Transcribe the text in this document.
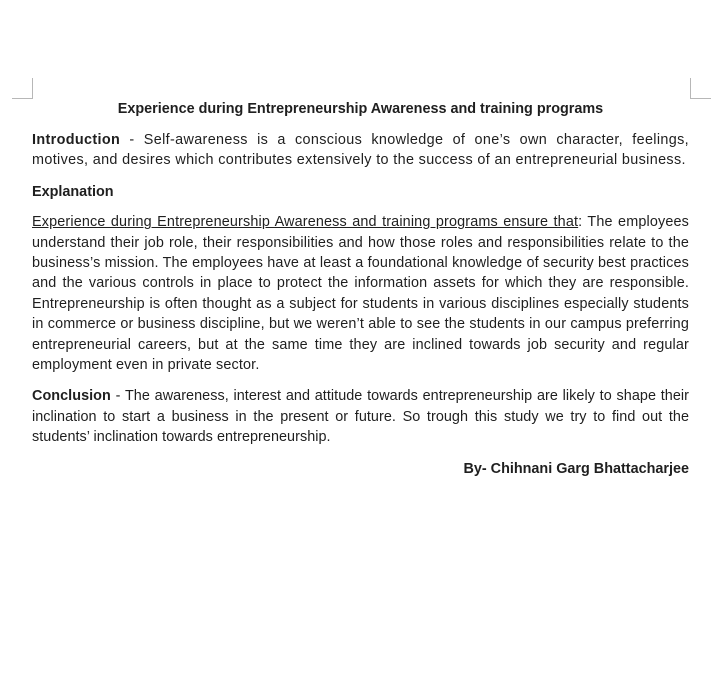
Experience during Entrepreneurship Awareness and training programs

Introduction - Self-awareness is a conscious knowledge of one’s own character, feelings, motives, and desires which contributes extensively to the success of an entrepreneurial business.

Explanation

Experience during Entrepreneurship Awareness and training programs ensure that: The employees understand their job role, their responsibilities and how those roles and responsibilities relate to the business’s mission. The employees have at least a foundational knowledge of security best practices and the various controls in place to protect the information assets for which they are responsible. Entrepreneurship is often thought as a subject for students in various disciplines especially students in commerce or business discipline, but we weren’t able to see the students in our campus preferring entrepreneurial careers, but at the same time they are inclined towards job security and regular employment even in private sector.

Conclusion - The awareness, interest and attitude towards entrepreneurship are likely to shape their inclination to start a business in the present or future. So trough this study we try to find out the students’ inclination towards entrepreneurship.

By- Chihnani Garg Bhattacharjee
